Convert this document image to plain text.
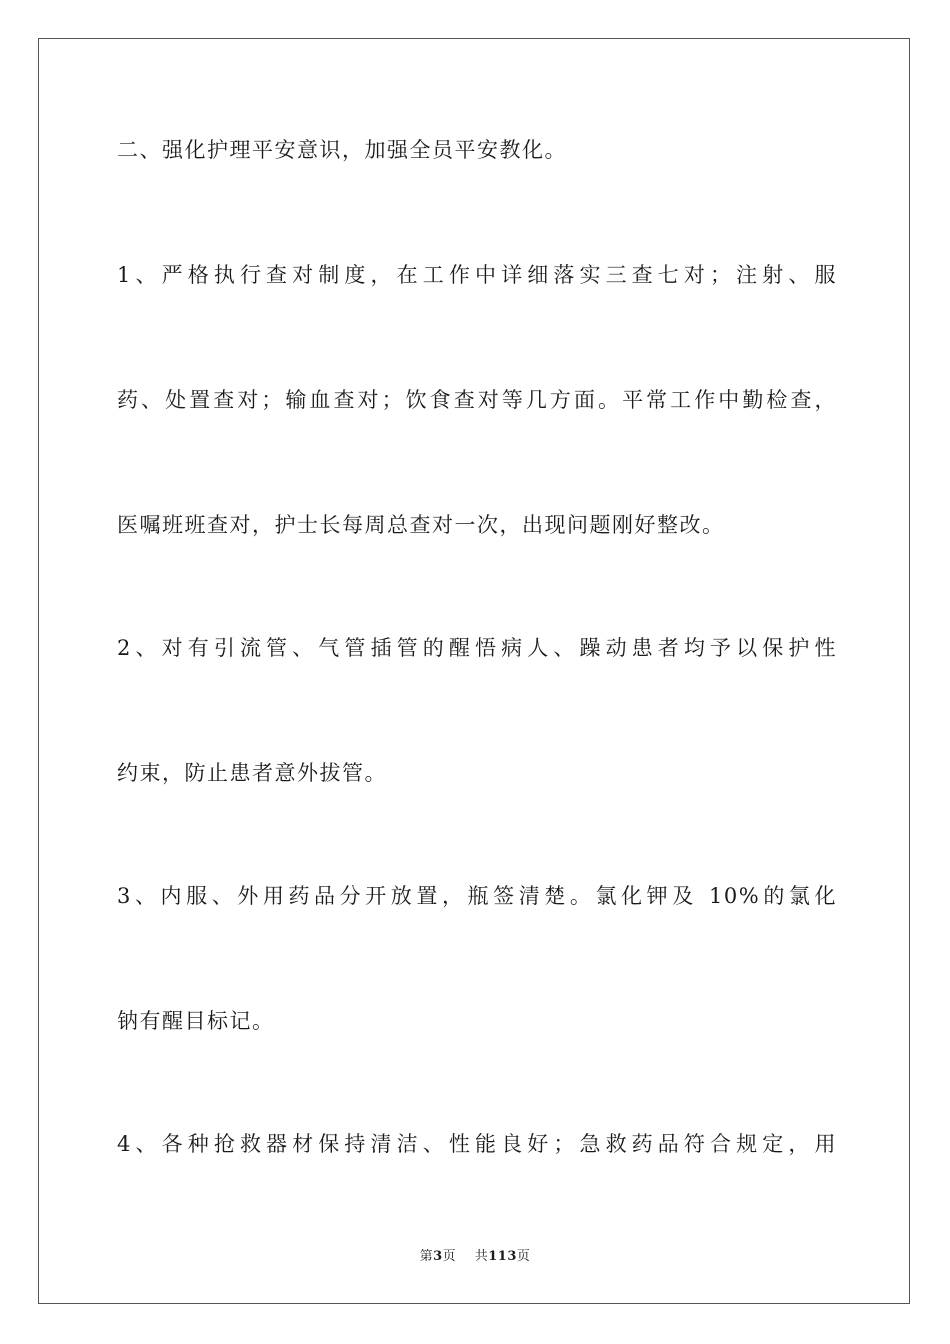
二、强化护理平安意识，加强全员平安教化。
1、严格执行查对制度，在工作中详细落实三查七对；注射、服
药、处置查对；输血查对；饮食查对等几方面。平常工作中勤检查，
医嘱班班查对，护士长每周总查对一次，出现问题刚好整改。
2、对有引流管、气管插管的醒悟病人、躁动患者均予以保护性
约束，防止患者意外拔管。
3、内服、外用药品分开放置，瓶签清楚。氯化钾及 10%的氯化
钠有醒目标记。
4、各种抢救器材保持清洁、性能良好；急救药品符合规定，用
第3页 共113页
